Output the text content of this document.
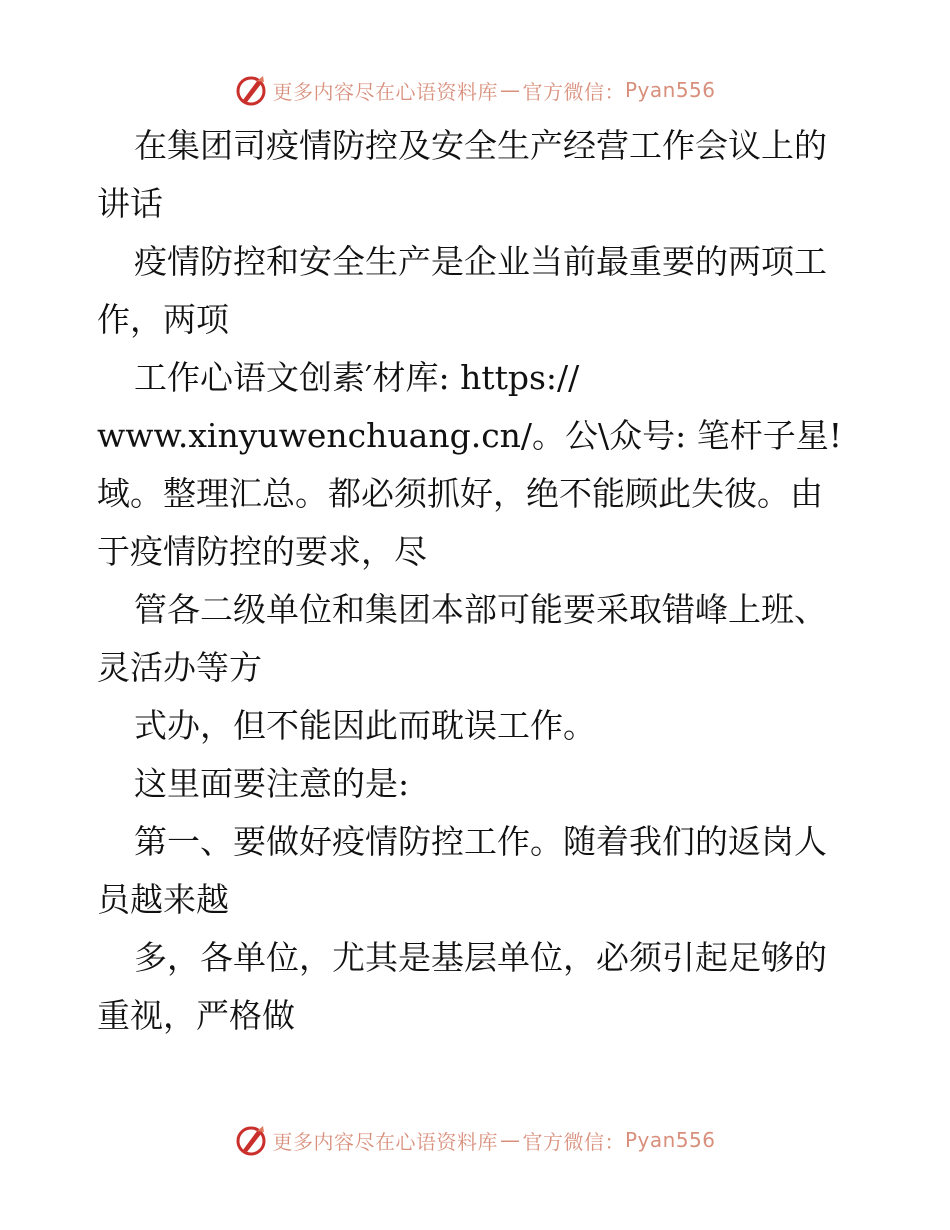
更多内容尽在心语资料库 — 官方微信： Pyan556
在集团司疫情防控及安全生产经营工作会议上的
讲话
疫情防控和安全生产是企业当前最重要的两项工
作，两项
工作心语文创素′材库: https://
www.xinyuwenchuang.cn/。公\众号: 笔杆子星!
域。整理汇总。都必须抓好，绝不能顾此失彼。由
于疫情防控的要求，尽
管各二级单位和集团本部可能要采取错峰上班、
灵活办等方
式办，但不能因此而耽误工作。
这里面要注意的是:
第一、要做好疫情防控工作。随着我们的返岗人
员越来越
多，各单位，尤其是基层单位，必须引起足够的
重视，严格做
更多内容尽在心语资料库 — 官方微信： Pyan556
